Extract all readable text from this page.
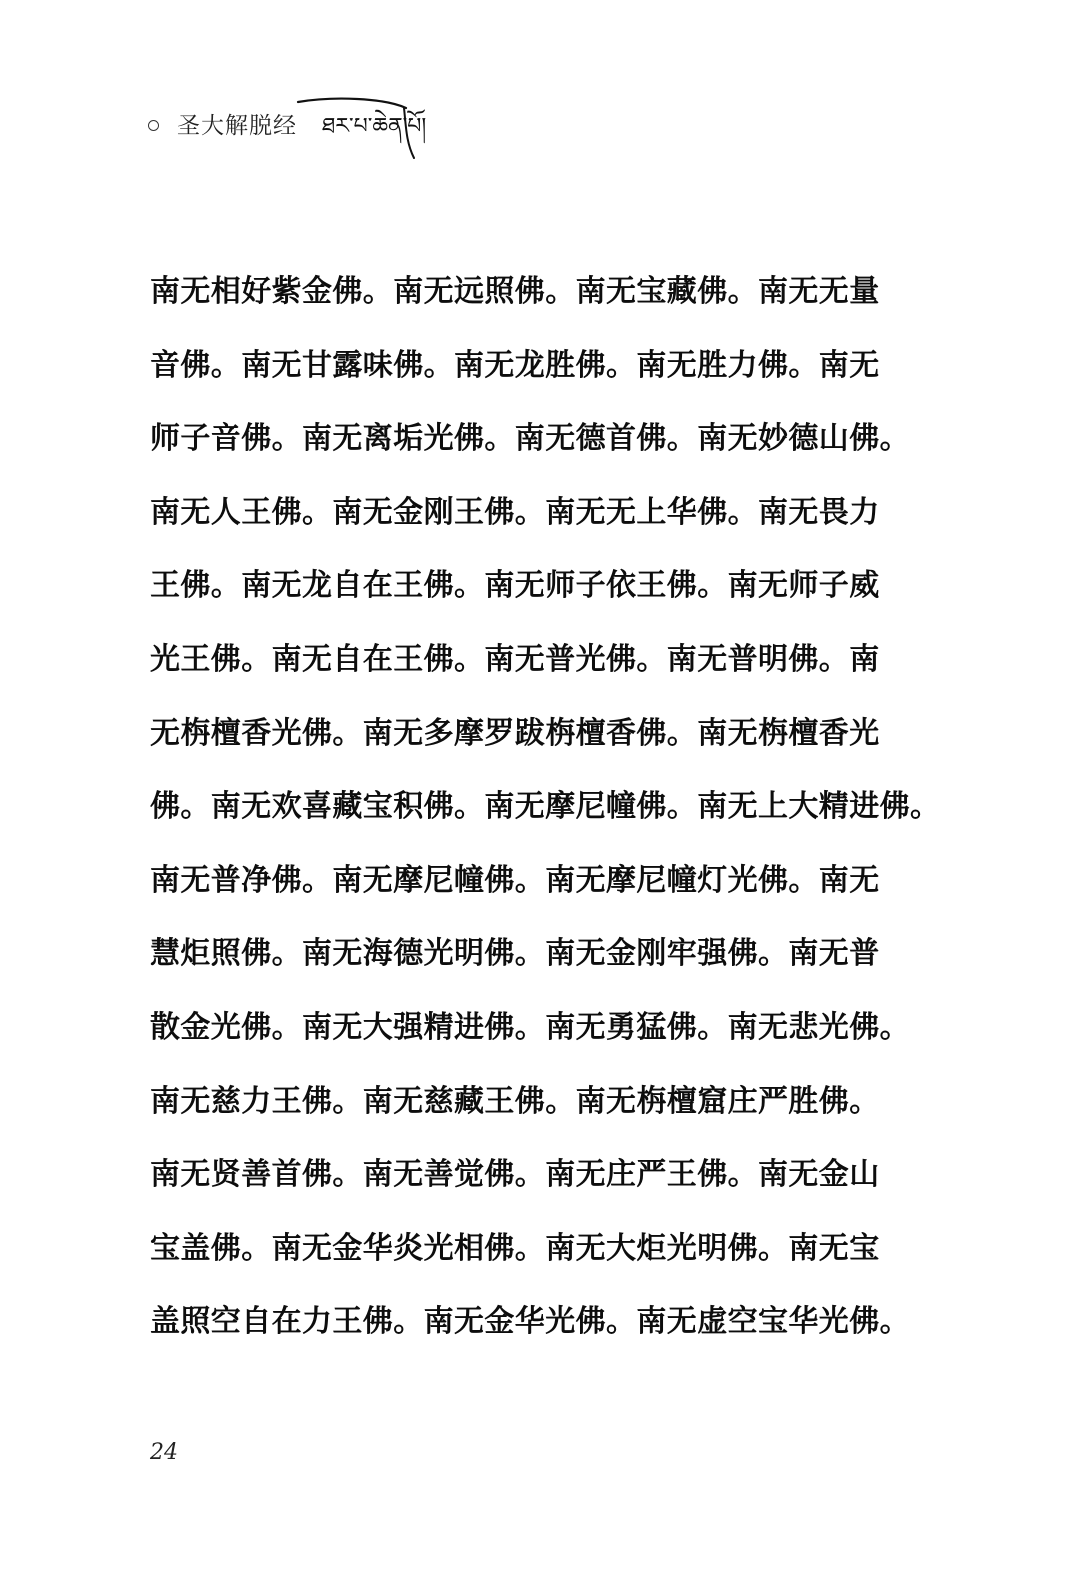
圣大解脱经 ཐར་པ་ཆེན་པོ།
南无相好紫金佛。南无远照佛。南无宝藏佛。南无无量
音佛。南无甘露味佛。南无龙胜佛。南无胜力佛。南无
师子音佛。南无离垢光佛。南无德首佛。南无妙德山佛。
南无人王佛。南无金刚王佛。南无无上华佛。南无畏力
王佛。南无龙自在王佛。南无师子依王佛。南无师子威
光王佛。南无自在王佛。南无普光佛。南无普明佛。南
无栴檀香光佛。南无多摩罗跋栴檀香佛。南无栴檀香光
佛。南无欢喜藏宝积佛。南无摩尼幢佛。南无上大精进佛。
南无普净佛。南无摩尼幢佛。南无摩尼幢灯光佛。南无
慧炬照佛。南无海德光明佛。南无金刚牢强佛。南无普
散金光佛。南无大强精进佛。南无勇猛佛。南无悲光佛。
南无慈力王佛。南无慈藏王佛。南无栴檀窟庄严胜佛。
南无贤善首佛。南无善觉佛。南无庄严王佛。南无金山
宝盖佛。南无金华炎光相佛。南无大炬光明佛。南无宝
盖照空自在力王佛。南无金华光佛。南无虚空宝华光佛。
24
